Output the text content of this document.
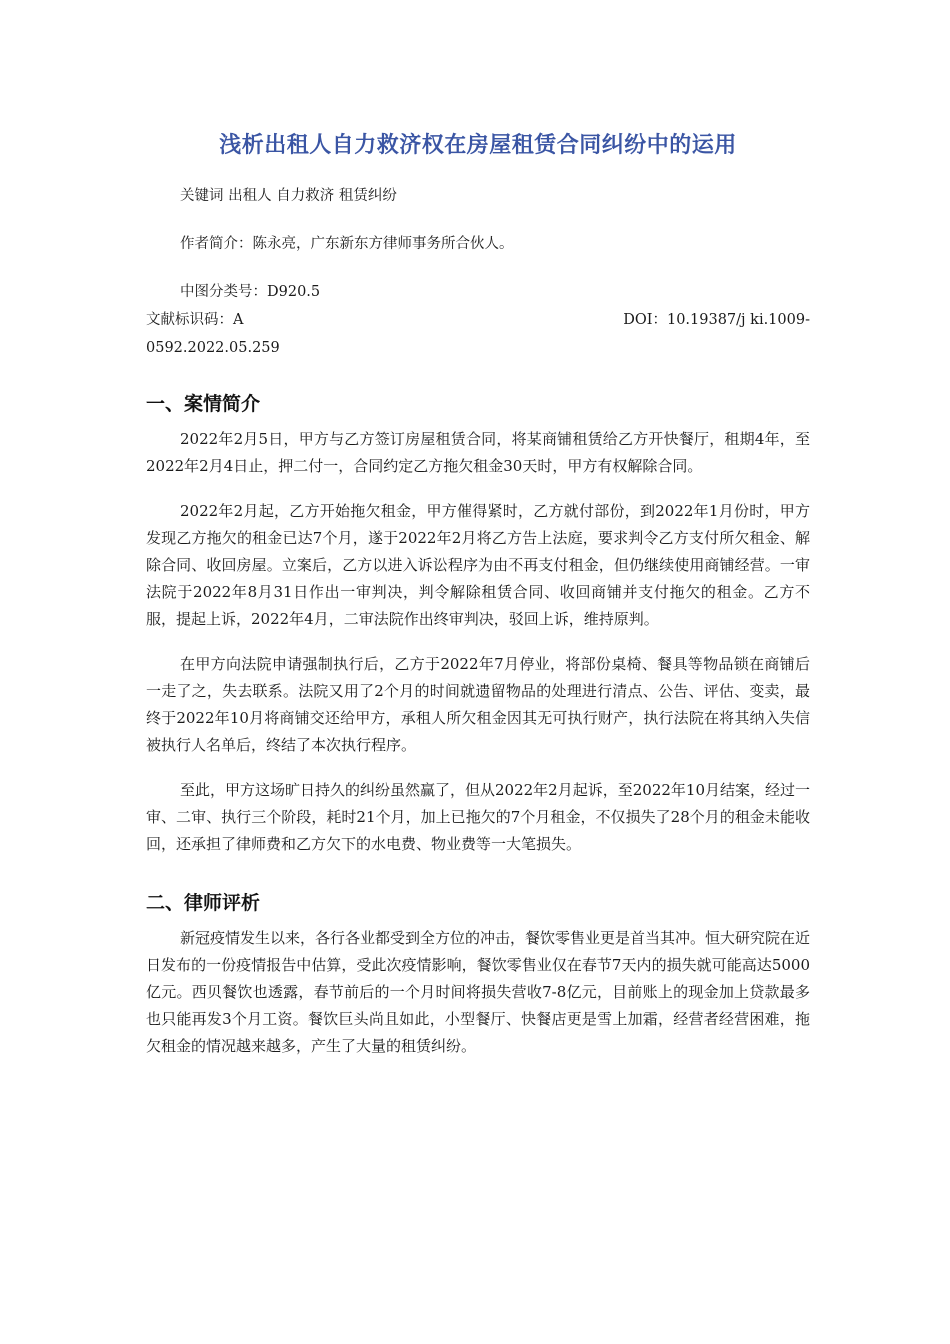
浅析出租人自力救济权在房屋租赁合同纠纷中的运用

关键词 出租人 自力救济 租赁纠纷

作者简介：陈永亮，广东新东方律师事务所合伙人。

中图分类号：D920.5

文献标识码：A	DOI：10.19387/j ki.1009-

0592.2022.05.259

一、案情简介

2022年2月5日，甲方与乙方签订房屋租赁合同，将某商铺租赁给乙方开快餐厅，租期4年，至2022年2月4日止，押二付一，合同约定乙方拖欠租金30天时，甲方有权解除合同。

2022年2月起，乙方开始拖欠租金，甲方催得紧时，乙方就付部份，到2022年1月份时，甲方发现乙方拖欠的租金已达7个月，遂于2022年2月将乙方告上法庭，要求判令乙方支付所欠租金、解除合同、收回房屋。立案后，乙方以进入诉讼程序为由不再支付租金，但仍继续使用商铺经营。一审法院于2022年8月31日作出一审判决，判令解除租赁合同、收回商铺并支付拖欠的租金。乙方不服，提起上诉，2022年4月，二审法院作出终审判决，驳回上诉，维持原判。

在甲方向法院申请强制执行后，乙方于2022年7月停业，将部份桌椅、餐具等物品锁在商铺后一走了之，失去联系。法院又用了2个月的时间就遗留物品的处理进行清点、公告、评估、变卖，最终于2022年10月将商铺交还给甲方，承租人所欠租金因其无可执行财产，执行法院在将其纳入失信被执行人名单后，终结了本次执行程序。

至此，甲方这场旷日持久的纠纷虽然赢了，但从2022年2月起诉，至2022年10月结案，经过一审、二审、执行三个阶段，耗时21个月，加上已拖欠的7个月租金，不仅损失了28个月的租金未能收回，还承担了律师费和乙方欠下的水电费、物业费等一大笔损失。

二、律师评析

新冠疫情发生以来，各行各业都受到全方位的冲击，餐饮零售业更是首当其冲。恒大研究院在近日发布的一份疫情报告中估算，受此次疫情影响，餐饮零售业仅在春节7天内的损失就可能高达5000亿元。西贝餐饮也透露，春节前后的一个月时间将损失营收7-8亿元，目前账上的现金加上贷款最多也只能再发3个月工资。餐饮巨头尚且如此，小型餐厅、快餐店更是雪上加霜，经营者经营困难，拖欠租金的情况越来越多，产生了大量的租赁纠纷。
